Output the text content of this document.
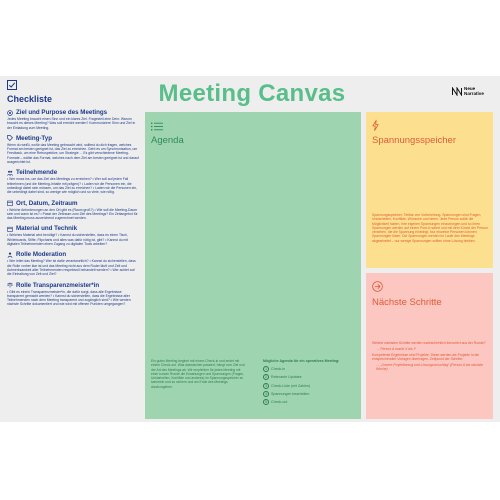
Checkliste
Ziel und Purpose des Meetings
Jedes Meeting braucht einen Sinn und ein klares Ziel. Fragestell-eine Dein: Warum braucht es dieses Meeting? Was soll erreicht werden? Kommuniziere Sinn und Ziel in der Einladung zum Meeting.
Meeting-Typ
Wenn du weißt, wofür das Meeting gebraucht wird, solltest du dich fragen, welches Format am besten geeignet ist, das Ziel zu erreichen. Geht es um Synchronisation, um Feedback, um eine Retrospektive, um Strategie ... Es gibt verschiedene Meeting-Formate – wähle das Format, welches nach dem Ziel am besten geeignet ist und darauf ausgerichtet ist.
Teilnehmende
• Wer muss ins, um das Ziel des Meetings zu erreichen? • Wer soll auf jeden Fall teilnehmen (und die Meeting-Inhalte mit prägen)? • Laden wir die Personen ein, die unbedingt dabei sein müssen, um das Ziel zu erreichen? • Laden wir die Personen ein, die unbedingt dabei sind, so wenige wie möglich und so viele, wie nötig.
Ort, Datum, Zeitraum
• Welche Anforderungen an den Ort gibt es (Raum groß?) • Wie soll die Meeting-Dauer sein und wann ist es? • Passt der Zeitraum zum Ziel des Meetings? Ein Zeitangebot für das Meeting muss ausreichend zugerechnet werden.
Material und Technik
• Welches Material wird benötigt? • Kannst du sicherstellen, dass es einen Tisch, Whiteboards, Stifte, Flipcharts und alles was dafür nötig ist, gibt? • Kannst du mit digitalen Teilnehmenden einen Zugang zu digitalen Tools arbeiten?
Rolle Moderation
• Wer leitet das Meeting? Wer ist dafür verantwortlich? • Kannst du sicherstellen, dass die Rolle vorher klar ist und das Meeting nicht aus dem Ruder läuft und Zeit und Aufmerksamkeit aller Teilnehmenden respektvoll behandelt werden? • Wer achtet auf die Einhaltung von Zeit und Ziel?
Rolle Transparenzmeister*in
• Gibt es eine/n Transparenzmeister*in, die dafür sorgt, dass alle Ergebnisse transparent gemacht werden? • Kannst du sicherstellen, dass die Ergebnisse aller Teilnehmenden nach dem Meeting transparent und zugänglich sind? • Wie werden nächste Schritte dokumentiert und wie wird mit offenen Punkten umgegangen?
Meeting Canvas	Neue
Narrative
Agenda
Ein gutes Meeting beginnt mit einem Check-in und endet mit einem Check-out. Was dazwischen passiert, hängt vom Ziel und der Art des Meetings ab. Wir empfehlen für jedes Meeting mit einer kurzen Runde die Erwartungen und Spannungen (Fragen, Unklarheiten, Konflikte und anderes) im Spannungsspeicher zu sammeln und zu sichern und am Ende des Meetings durchzugehen.
Mögliche Agenda für ein operatives Meeting:
1	Check-in
2	Relevante Updates
3	Check-Liste (mit Zahlen)
4	Spannungen bearbeiten
5	Check-out
Spannungsspeicher
Spannungsspeicher: Teilbar von Vorbereitung. Spannungen sind Fragen, Unklarheiten, Konflikte, Wünsche und Ideen. Jede Person sollte die Möglichkeit haben, ihre eigenen Spannungen einzubringen und so ihren Spannungen werden auf einem Post-it notiert und mit dem Kürzel der Person versehen, die die Spannung einbringt. Nur einzelne Personen können Spannungen lösen. Die Spannungen werden im Laufe des Meetings abgearbeitet – nur wenige Spannungen sollten ohne Lösung bleiben.
Nächste Schritte

Welche nächsten Schritte werden wahrscheinlich formuliert aus der Runde?

→ Person A macht X bis Y

Kompetente Ergebnisse sind Projekte. Diese werden als Projekte in die entsprechenden Vorlagen übertragen. Zeitpunkt der Schritte:

→ „Unsere Projektbezug und Lösungsvorschlag“ (Person A bis nächste Woche)
